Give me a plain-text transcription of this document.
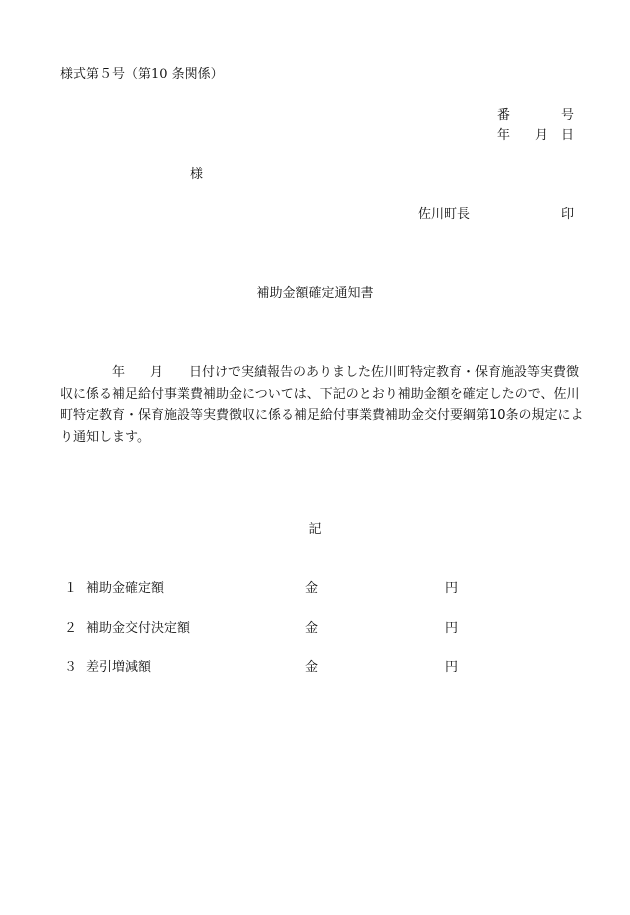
様式第５号（第10 条関係）
番	号
年 月 日
様
佐川町長	印
補助金額確定通知書
年 月 日付けで実績報告のありました佐川町特定教育・保育施設等実費徴
収に係る補足給付事業費補助金については、下記のとおり補助金額を確定したので、佐川
町特定教育・保育施設等実費徴収に係る補足給付事業費補助金交付要綱第10条の規定によ
り通知します。
記
１ 補助金確定額	金	円
２ 補助金交付決定額	金	円
３ 差引増減額	金	円
